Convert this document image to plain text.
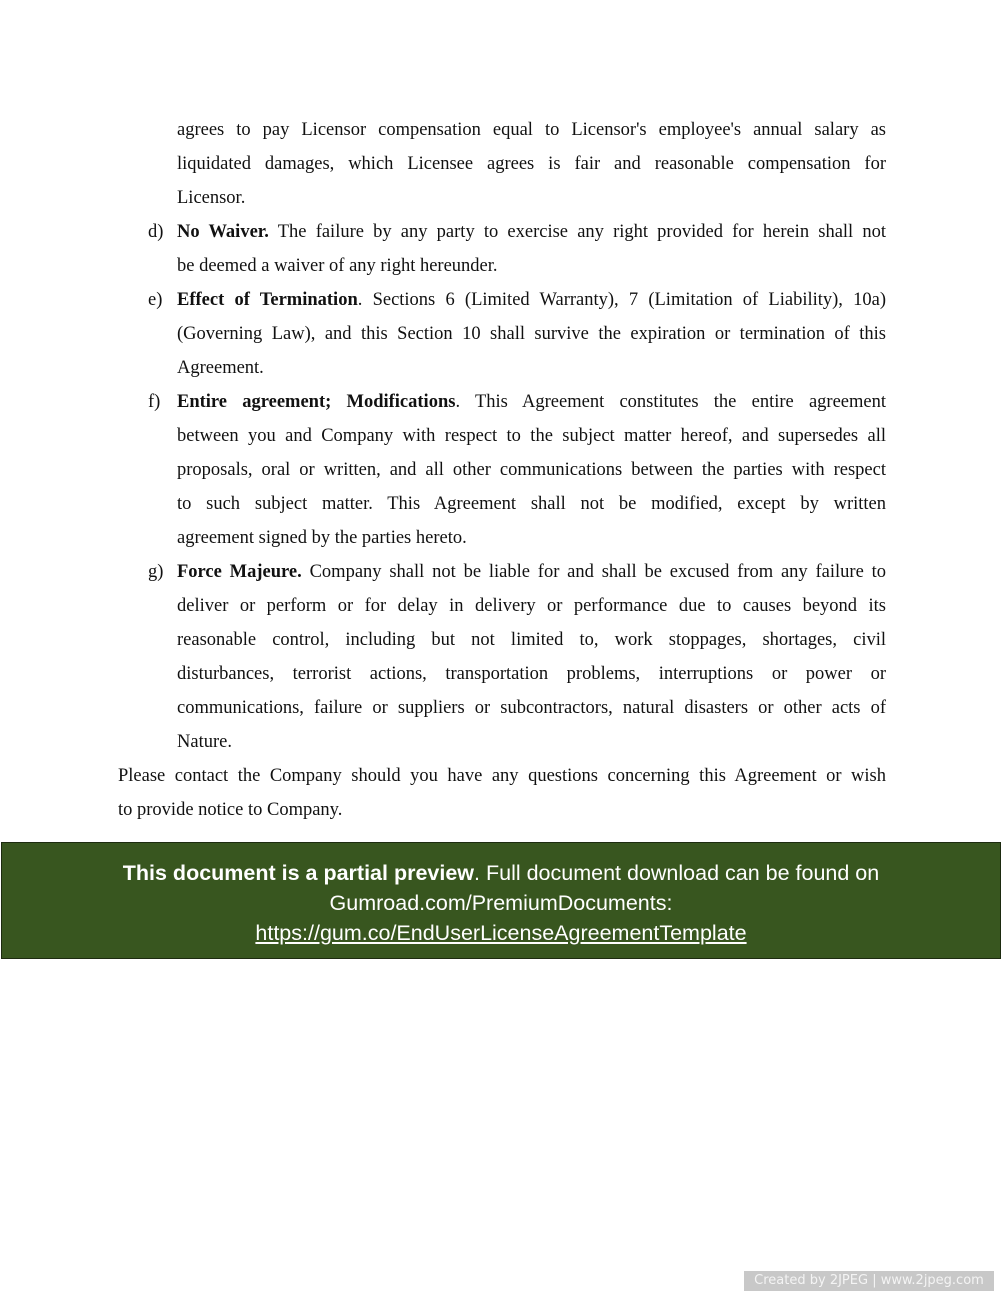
agrees to pay Licensor compensation equal to Licensor's employee's annual salary as
liquidated damages, which Licensee agrees is fair and reasonable compensation for
Licensor.
d) No Waiver. The failure by any party to exercise any right provided for herein shall not
be deemed a waiver of any right hereunder.
e) Effect of Termination. Sections 6 (Limited Warranty), 7 (Limitation of Liability), 10a)
(Governing Law), and this Section 10 shall survive the expiration or termination of this
Agreement.
f) Entire agreement; Modifications. This Agreement constitutes the entire agreement
between you and Company with respect to the subject matter hereof, and supersedes all
proposals, oral or written, and all other communications between the parties with respect
to such subject matter. This Agreement shall not be modified, except by written
agreement signed by the parties hereto.
g) Force Majeure. Company shall not be liable for and shall be excused from any failure to
deliver or perform or for delay in delivery or performance due to causes beyond its
reasonable control, including but not limited to, work stoppages, shortages, civil
disturbances, terrorist actions, transportation problems, interruptions or power or
communications, failure or suppliers or subcontractors, natural disasters or other acts of
Nature.
Please contact the Company should you have any questions concerning this Agreement or wish
to provide notice to Company.
This document is a partial preview. Full document download can be found on
Gumroad.com/PremiumDocuments:
https://gum.co/EndUserLicenseAgreementTemplate
Created by 2JPEG | www.2jpeg.com
